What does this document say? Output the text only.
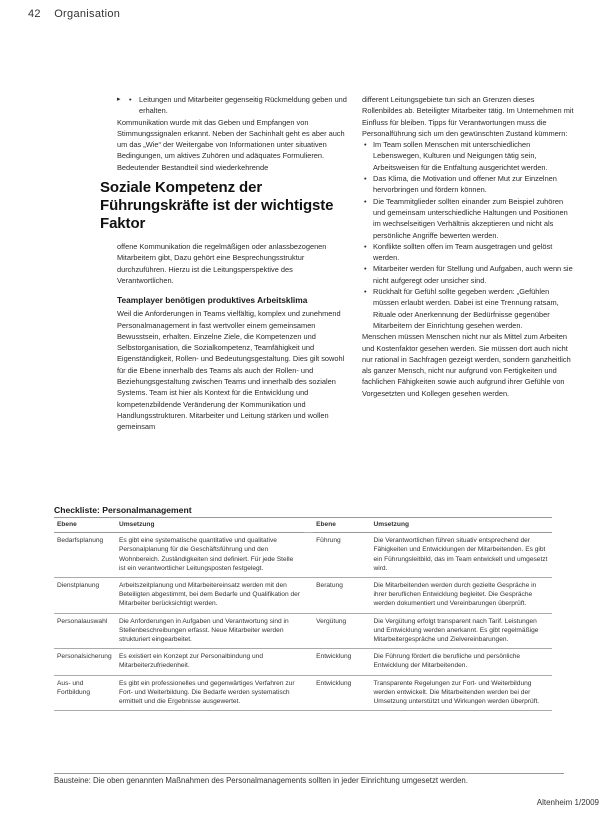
42 Organisation

▸ • Leitungen und Mitarbeiter gegenseitig Rückmeldung geben und erhalten.

Kommunikation wurde mit das Geben und Empfangen von Stimmungssignalen erkannt. Neben der Sachinhalt geht es aber auch um das „Wie“ der Weitergabe von Informationen unter situativen Bedingungen, um aktives Zuhören und adäquates Formulieren. Bedeutender Bestandteil sind wiederkehrende

Soziale Kompetenz der Führungskräfte ist der wichtigste Faktor

offene Kommunikation die regelmäßigen oder anlassbezogenen Mitarbeitern gibt, Dazu gehört eine Besprechungsstruktur durchzuführen. Hierzu ist die Leitungsperspektive des Verantwortlichen.

Teamplayer benötigen produktives Arbeitsklima

Weil die Anforderungen in Teams vielfältig, komplex und zunehmend Personalmanagement in fast wertvoller einem gemeinsamen Bewusstsein, erhalten. Einzelne Ziele, die Kompetenzen und Selbstorganisation, die Sozialkompetenz, Teamfähigkeit und Eigenständigkeit, Rollen- und Bedeutungsgestaltung. Dies gilt sowohl für die Ebene innerhalb des Teams als auch der Rollen- und Beziehungsgestaltung zwischen Teams und innerhalb des sozialen Systems. Team ist hier als Kontext für die Entwicklung und kompetenzbildende Veränderung der Kommunikation und Handlungsstrukturen. Mitarbeiter und Leitung stärken und wollen gemeinsam

different Leitungsgebiete tun sich an Grenzen dieses Rollenbildes ab. Beteiligter Mitarbeiter tätig. Im Unternehmen mit Einfluss für bleiben. Tipps für Verantwortungen muss die Personalführung sich um den gewünschten Zustand kümmern:

• Im Team sollen Menschen mit unterschiedlichen Lebenswegen, Kulturen und Neigungen tätig sein, Arbeitsweisen für die Entfaltung ausgerichtet werden.

• Das Klima, die Motivation und offener Mut zur Einzelnen hervorbringen und fördern können.

• Die Teammitglieder sollten einander zum Beispiel zuhören und gemeinsam unterschiedliche Haltungen und Positionen im wechselseitigen Verhältnis akzeptieren und nicht als persönliche Angriffe bewerten werden.

• Konflikte sollten offen im Team ausgetragen und gelöst werden.

• Mitarbeiter werden für Stellung und Aufgaben, auch wenn sie nicht aufgeregt oder unsicher sind.

• Rückhalt für Gefühl sollte gegeben werden: „Gefühlen müssen erlaubt werden. Dabei ist eine Trennung ratsam, Rituale oder Anerkennung der Bedürfnisse gegenüber Mitarbeitern der Einrichtung gesehen werden.

Menschen müssen Menschen nicht nur als Mittel zum Arbeiten und Kostenfaktor gesehen werden. Sie müssen dort auch nicht nur rational in Sachfragen gezeigt werden, sondern ganzheitlich als ganzer Mensch, nicht nur aufgrund von Fertigkeiten und fachlichen Fähigkeiten sowie auch aufgrund ihrer Gefühle von Vorgesetzten und Kollegen gesehen werden.

Checkliste: Personalmanagement
Ebene	Umsetzung		Ebene	Umsetzung
Bedarfsplanung	Es gibt eine systematische quantitative und qualitative Personalplanung für die Geschäftsführung und den Wohnbereich. Zuständigkeiten sind definiert. Für jede Stelle ist ein verantwortlicher Leitungsposten festgelegt.		Führung	Die Verantwortlichen führen situativ entsprechend der Fähigkeiten und Entwicklungen der Mitarbeitenden. Es gibt ein Führungsleitbild, das im Team entwickelt und umgesetzt wird.
Dienstplanung	Arbeitszeitplanung und Mitarbeitereinsatz werden mit den Beteiligten abgestimmt, bei dem Bedarfe und Qualifikation der Mitarbeiter berücksichtigt werden.		Beratung	Die Mitarbeitenden werden durch gezielte Gespräche in ihrer beruflichen Entwicklung begleitet. Die Gespräche werden dokumentiert und Vereinbarungen überprüft.
Personalauswahl	Die Anforderungen in Aufgaben und Verantwortung sind in Stellenbeschreibungen erfasst. Neue Mitarbeiter werden strukturiert eingearbeitet.		Vergütung	Die Vergütung erfolgt transparent nach Tarif. Leistungen und Entwicklung werden anerkannt. Es gibt regelmäßige Mitarbeitergespräche und Zielvereinbarungen.
Personalsicherung	Es existiert ein Konzept zur Personalbindung und Mitarbeiterzufriedenheit.		Entwicklung	Die Führung fördert die berufliche und persönliche Entwicklung der Mitarbeitenden.
Aus- und Fortbildung	Es gibt ein professionelles und gegenwärtiges Verfahren zur Fort- und Weiterbildung. Die Bedarfe werden systematisch ermittelt und die Ergebnisse ausgewertet.		Entwicklung	Transparente Regelungen zur Fort- und Weiterbildung werden entwickelt. Die Mitarbeitenden werden bei der Umsetzung unterstützt und Wirkungen werden überprüft.
Bausteine: Die oben genannten Maßnahmen des Personalmanagements sollten in jeder Einrichtung umgesetzt werden.
Altenheim 1/2009
